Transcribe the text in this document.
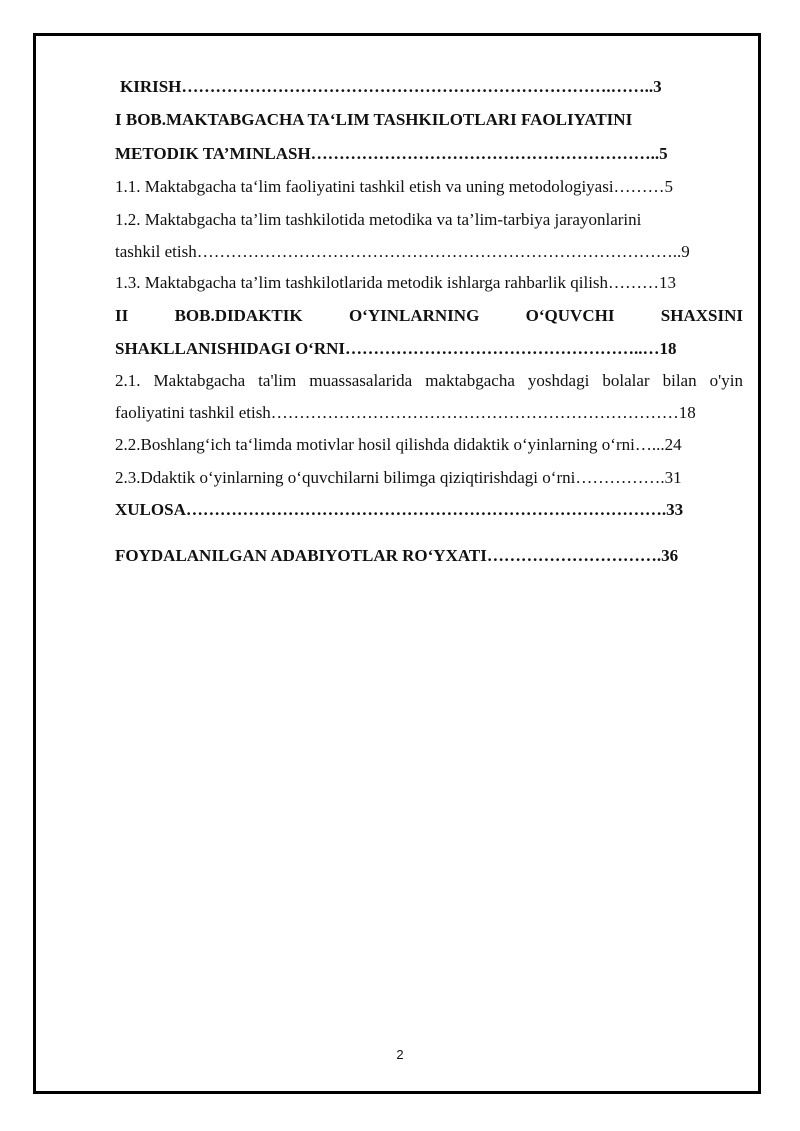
KIRISH………………………………………………………………….……..3
I BOB.MAKTABGACHA TA‘LIM TASHKILOTLARI FAOLIYATINI
METODIK TA’MINLASH……………………………………………………..5
1.1. Maktabgacha ta‘lim faoliyatini tashkil etish va uning metodologiyasi………5
1.2. Maktabgacha ta’lim tashkilotida metodika va ta’lim-tarbiya jarayonlarini
tashkil etish…………………………………………………………………………..9
1.3. Maktabgacha ta’lim tashkilotlarida metodik ishlarga rahbarlik qilish………13
II	BOB.DIDAKTIK	O‘YINLARNING	O‘QUVCHI	SHAXSINI
SHAKLLANISHIDAGI O‘RNI……………………………………………..…18
2.1. Maktabgacha ta'lim muassasalarida maktabgacha yoshdagi bolalar bilan o'yin
faoliyatini tashkil etish………………………………………………………………18
2.2.Boshlang‘ich ta‘limda motivlar hosil qilishda didaktik o‘yinlarning o‘rni…...24
2.3.Ddaktik o‘yinlarning o‘quvchilarni bilimga qiziqtirishdagi o‘rni…………….31
XULOSA………………………………………………………………………….33
FOYDALANILGAN ADABIYOTLAR RO‘YXATI………………………….36
2
